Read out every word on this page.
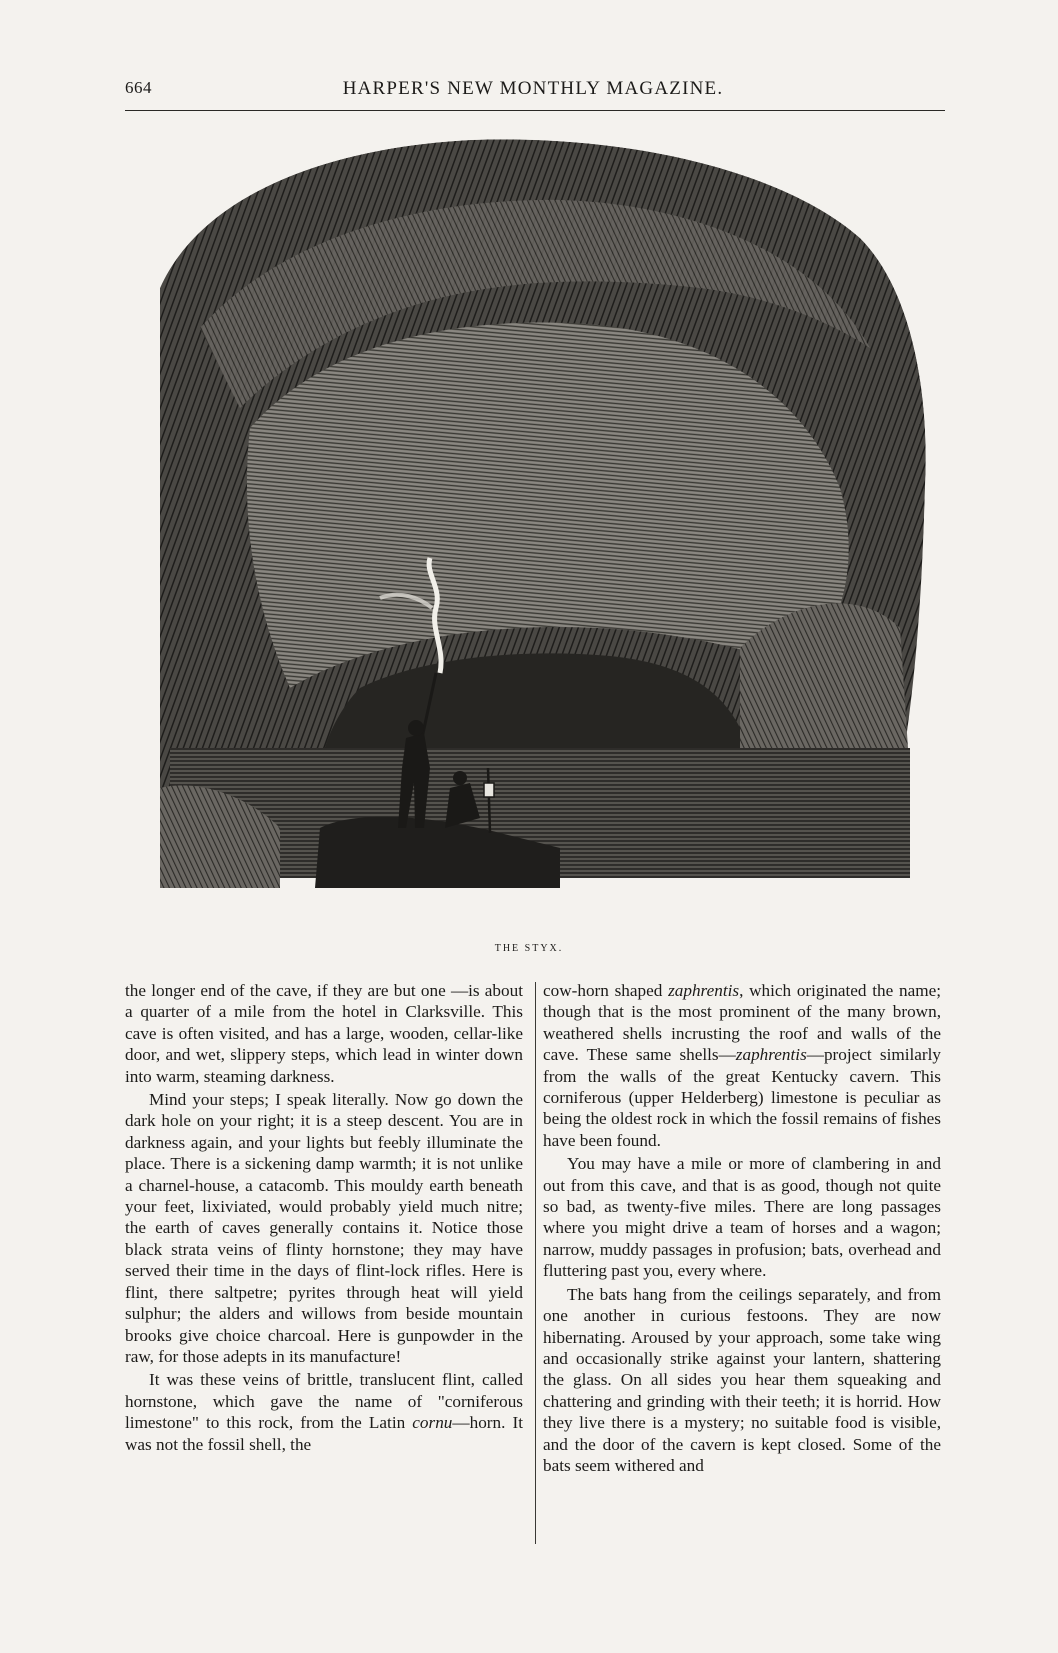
664	HARPER'S NEW MONTHLY MAGAZINE.
THE STYX.

the longer end of the cave, if they are but one —is about a quarter of a mile from the hotel in Clarksville. This cave is often visited, and has a large, wooden, cellar-like door, and wet, slippery steps, which lead in winter down into warm, steaming darkness.

Mind your steps; I speak literally. Now go down the dark hole on your right; it is a steep descent. You are in darkness again, and your lights but feebly illuminate the place. There is a sickening damp warmth; it is not unlike a charnel-house, a catacomb. This mouldy earth beneath your feet, lixiviated, would probably yield much nitre; the earth of caves generally contains it. Notice those black strata veins of flinty hornstone; they may have served their time in the days of flint-lock rifles. Here is flint, there saltpetre; pyrites through heat will yield sulphur; the alders and willows from beside mountain brooks give choice charcoal. Here is gunpowder in the raw, for those adepts in its manufacture!

It was these veins of brittle, translucent flint, called hornstone, which gave the name of "corniferous limestone" to this rock, from the Latin cornu—horn. It was not the fossil shell, the

cow-horn shaped zaphrentis, which originated the name; though that is the most prominent of the many brown, weathered shells incrusting the roof and walls of the cave. These same shells—zaphrentis—project similarly from the walls of the great Kentucky cavern. This corniferous (upper Helderberg) limestone is peculiar as being the oldest rock in which the fossil remains of fishes have been found.

You may have a mile or more of clambering in and out from this cave, and that is as good, though not quite so bad, as twenty-five miles. There are long passages where you might drive a team of horses and a wagon; narrow, muddy passages in profusion; bats, overhead and fluttering past you, every where.

The bats hang from the ceilings separately, and from one another in curious festoons. They are now hibernating. Aroused by your approach, some take wing and occasionally strike against your lantern, shattering the glass. On all sides you hear them squeaking and chattering and grinding with their teeth; it is horrid. How they live there is a mystery; no suitable food is visible, and the door of the cavern is kept closed. Some of the bats seem withered and
